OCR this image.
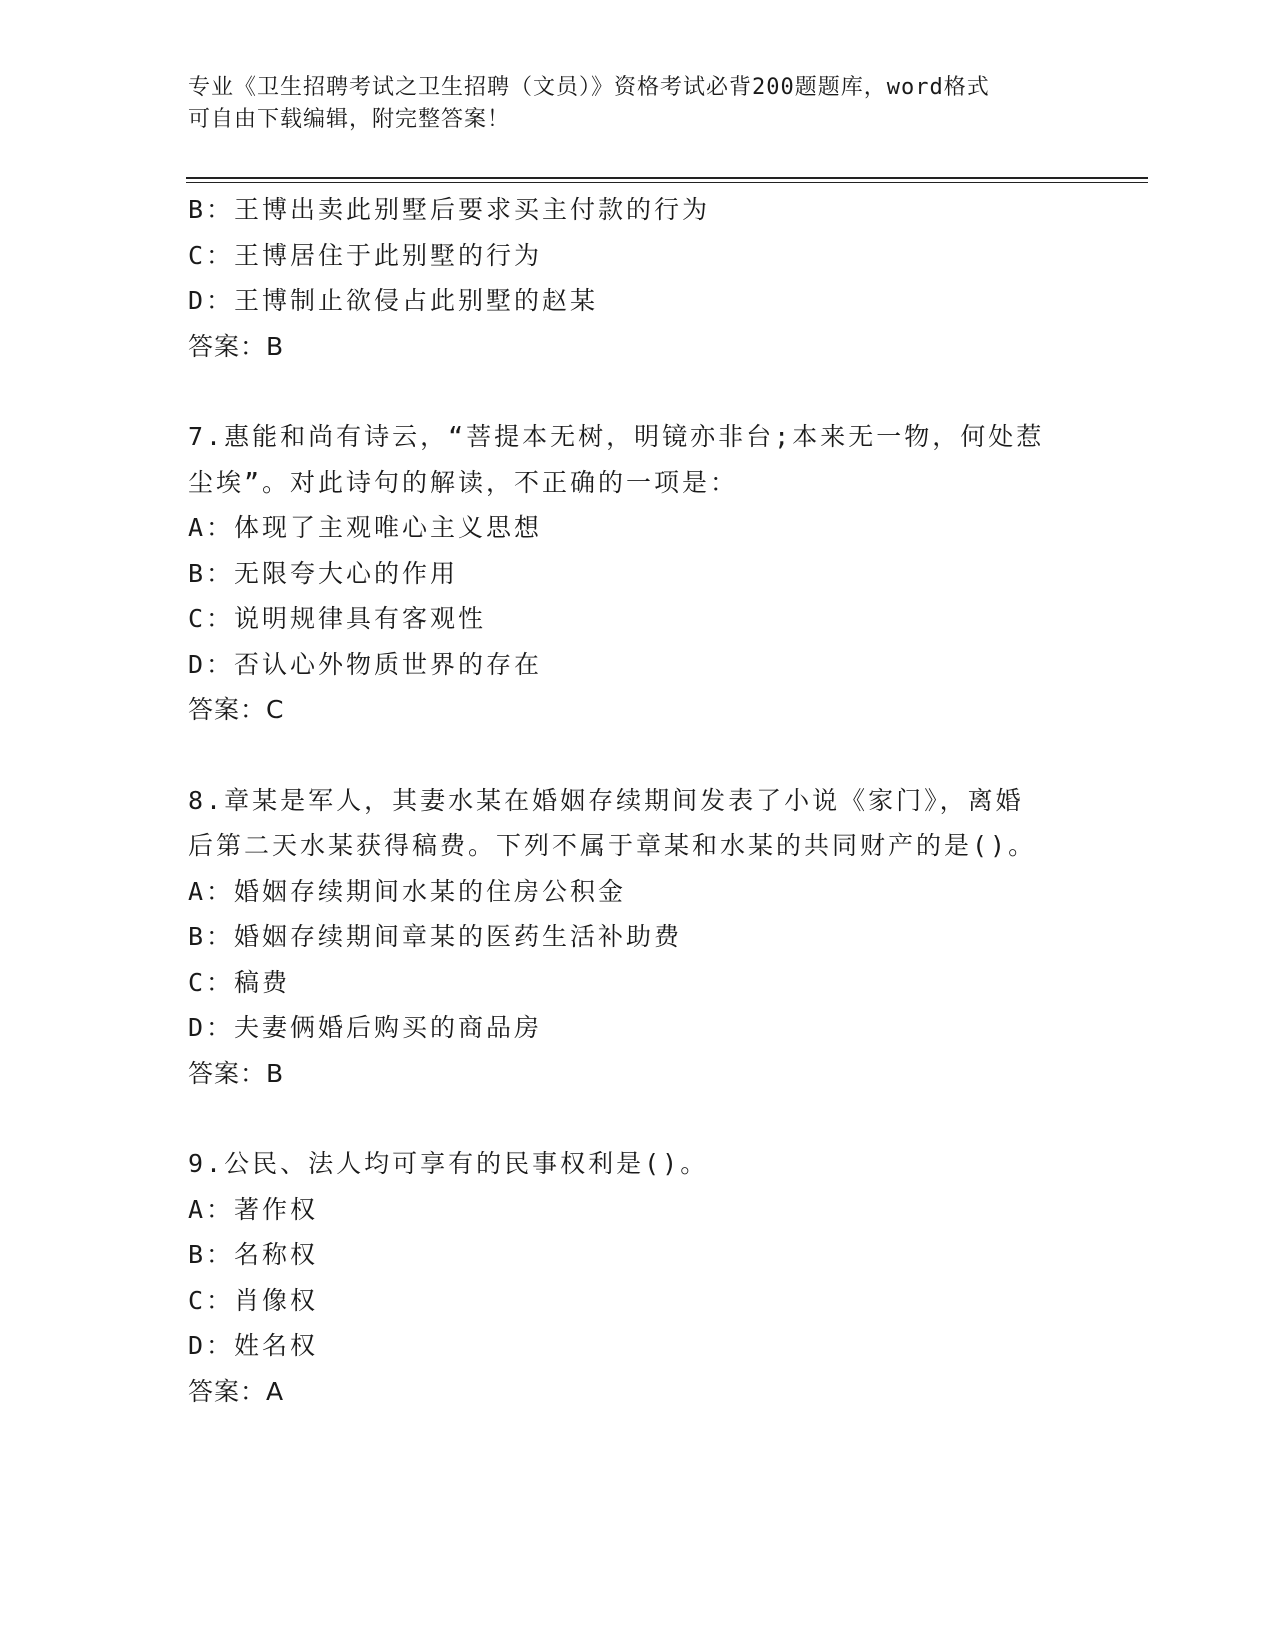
专业《卫生招聘考试之卫生招聘（文员）》资格考试必背200题题库，word格式
可自由下载编辑，附完整答案！
B：王博出卖此别墅后要求买主付款的行为
C：王博居住于此别墅的行为
D：王博制止欲侵占此别墅的赵某
答案：B
7.惠能和尚有诗云，“菩提本无树，明镜亦非台;本来无一物，何处惹
尘埃”。对此诗句的解读，不正确的一项是：
A：体现了主观唯心主义思想
B：无限夸大心的作用
C：说明规律具有客观性
D：否认心外物质世界的存在
答案：C
8.章某是军人，其妻水某在婚姻存续期间发表了小说《家门》，离婚
后第二天水某获得稿费。下列不属于章某和水某的共同财产的是()。
A：婚姻存续期间水某的住房公积金
B：婚姻存续期间章某的医药生活补助费
C：稿费
D：夫妻俩婚后购买的商品房
答案：B
9.公民、法人均可享有的民事权利是()。
A：著作权
B：名称权
C：肖像权
D：姓名权
答案：A
